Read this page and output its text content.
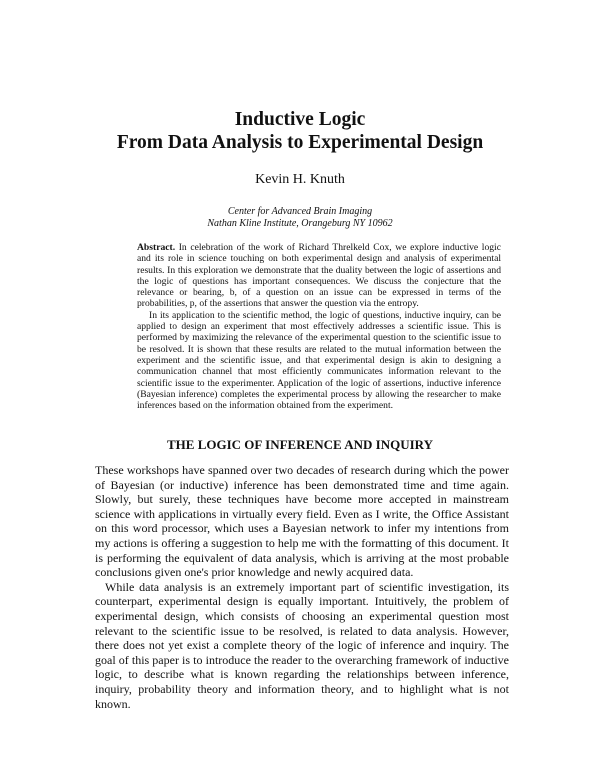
Inductive Logic
From Data Analysis to Experimental Design
Kevin H. Knuth
Center for Advanced Brain Imaging
Nathan Kline Institute, Orangeburg NY 10962

Abstract. In celebration of the work of Richard Threlkeld Cox, we explore inductive logic and its role in science touching on both experimental design and analysis of experimental results. In this exploration we demonstrate that the duality between the logic of assertions and the logic of questions has important consequences. We discuss the conjecture that the relevance or bearing, b, of a question on an issue can be expressed in terms of the probabilities, p, of the assertions that answer the question via the entropy.

In its application to the scientific method, the logic of questions, inductive inquiry, can be applied to design an experiment that most effectively addresses a scientific issue. This is performed by maximizing the relevance of the experimental question to the scientific issue to be resolved. It is shown that these results are related to the mutual information between the experiment and the scientific issue, and that experimental design is akin to designing a communication channel that most efficiently communicates information relevant to the scientific issue to the experimenter. Application of the logic of assertions, inductive inference (Bayesian inference) completes the experimental process by allowing the researcher to make inferences based on the information obtained from the experiment.

THE LOGIC OF INFERENCE AND INQUIRY

These workshops have spanned over two decades of research during which the power of Bayesian (or inductive) inference has been demonstrated time and time again. Slowly, but surely, these techniques have become more accepted in mainstream science with applications in virtually every field. Even as I write, the Office Assistant on this word processor, which uses a Bayesian network to infer my intentions from my actions is offering a suggestion to help me with the formatting of this document. It is performing the equivalent of data analysis, which is arriving at the most probable conclusions given one's prior knowledge and newly acquired data.

While data analysis is an extremely important part of scientific investigation, its counterpart, experimental design is equally important. Intuitively, the problem of experimental design, which consists of choosing an experimental question most relevant to the scientific issue to be resolved, is related to data analysis. However, there does not yet exist a complete theory of the logic of inference and inquiry. The goal of this paper is to introduce the reader to the overarching framework of inductive logic, to describe what is known regarding the relationships between inference, inquiry, probability theory and information theory, and to highlight what is not known.
